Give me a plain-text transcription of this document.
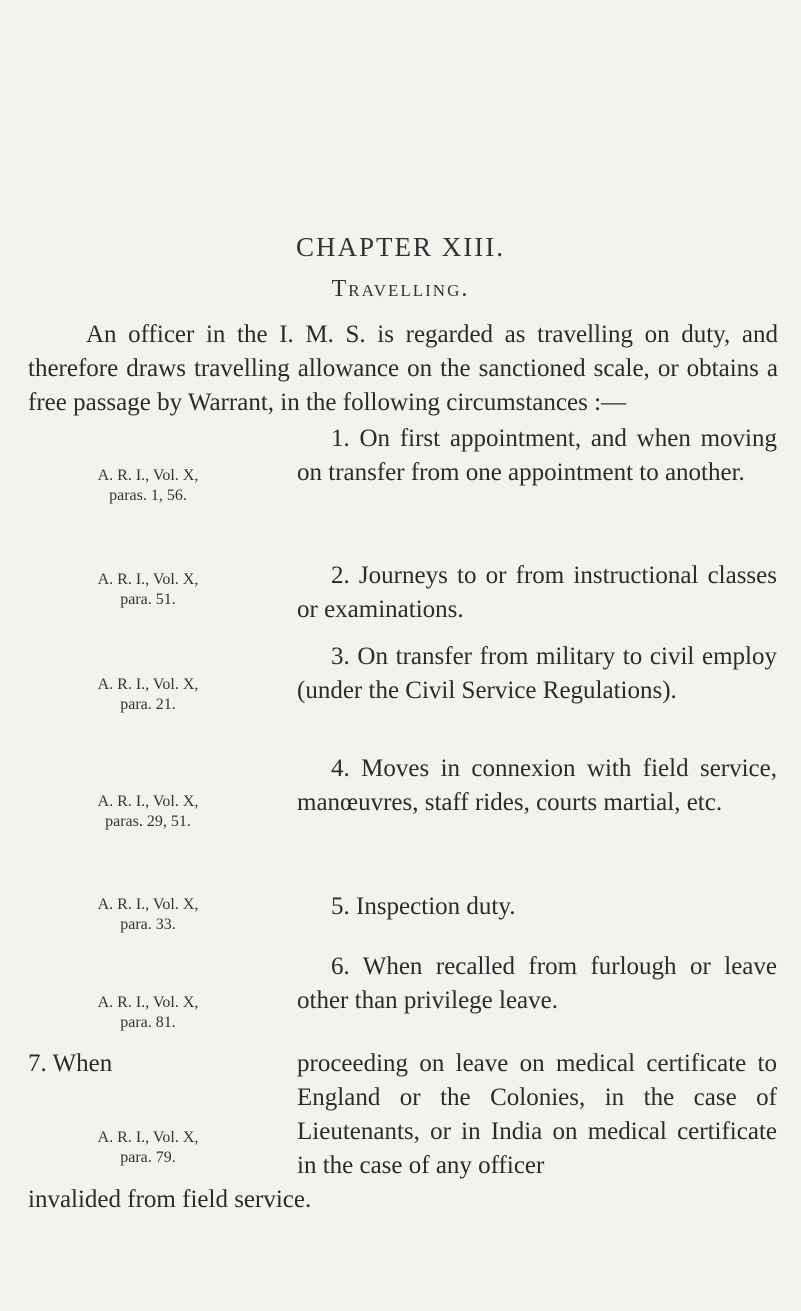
CHAPTER XIII.
Travelling.
An officer in the I. M. S. is regarded as travelling on duty, and therefore draws travelling allowance on the sanctioned scale, or obtains a free passage by Warrant, in the following circumstances :—
A. R. I., Vol. X,
paras. 1, 56.
1. On first appointment, and when moving on transfer from one appointment to another.
A. R. I., Vol. X,
para. 51.
2. Journeys to or from instructional classes or examinations.
A. R. I., Vol. X,
para. 21.
3. On transfer from military to civil employ (under the Civil Service Regulations).
A. R. I., Vol. X,
paras. 29, 51.
4. Moves in connexion with field service, manœuvres, staff rides, courts martial, etc.
A. R. I., Vol. X,
para. 33.
5. Inspection duty.
A. R. I., Vol. X,
para. 81.
6. When recalled from furlough or leave other than privilege leave.
7. When	proceeding on leave on medical certificate to England or the Colonies, in the case of Lieutenants, or in India on medical certificate in the case of any officer
A. R. I., Vol. X,
para. 79.
invalided from field service.
